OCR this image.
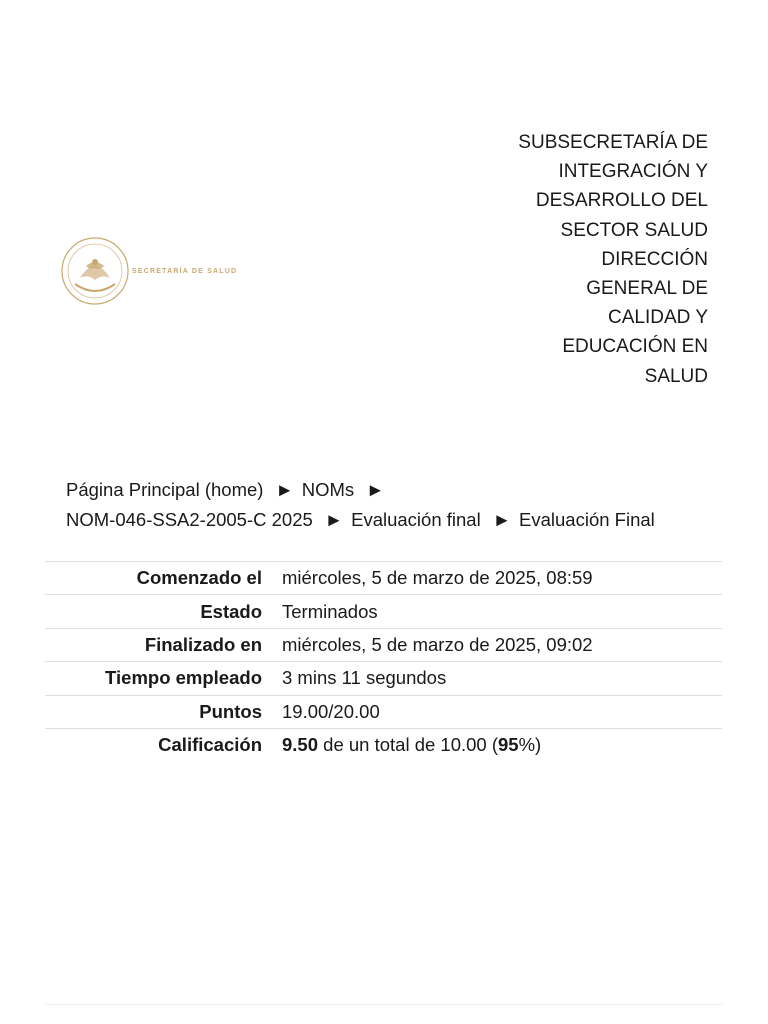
SECRETARÍA DE SALUD
SUBSECRETARÍA DE
INTEGRACIÓN Y
DESARROLLO DEL
SECTOR SALUD
DIRECCIÓN
GENERAL DE
CALIDAD Y
EDUCACIÓN EN
SALUD
Página Principal (home) ► NOMs ►
NOM-046-SSA2-2005-C 2025 ► Evaluación final ► Evaluación Final
Comenzado el	miércoles, 5 de marzo de 2025, 08:59
Estado	Terminados
Finalizado en	miércoles, 5 de marzo de 2025, 09:02
Tiempo empleado	3 mins 11 segundos
Puntos	19.00/20.00
Calificación	9.50 de un total de 10.00 (95%)
